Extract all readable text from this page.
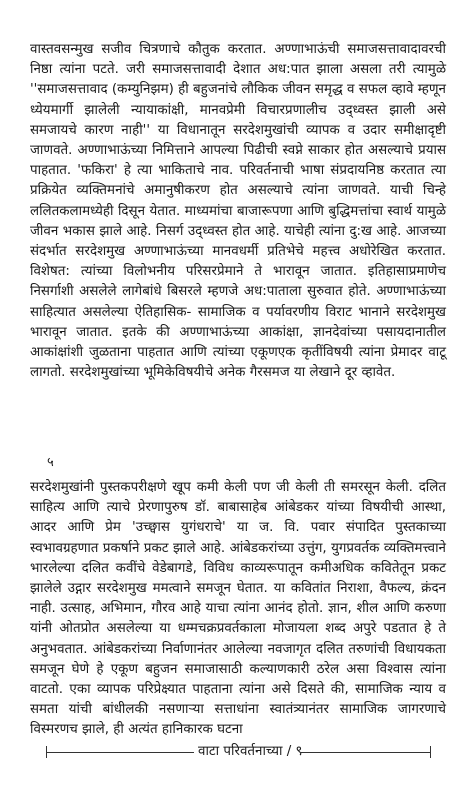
वास्तवसन्मुख सजीव चित्रणाचे कौतुक करतात. अण्णाभाऊंची समाजसत्तावादावरची निष्ठा त्यांना पटते. जरी समाजसत्तावादी देशात अध:पात झाला असला तरी त्यामुळे ''समाजसत्तावाद (कम्युनिझम) ही बहुजनांचे लौकिक जीवन समृद्ध व सफल व्हावे म्हणून ध्येयमार्गी झालेली न्यायाकांक्षी, मानवप्रेमी विचारप्रणालीच उद्ध्वस्त झाली असे समजायचे कारण नाही'' या विधानातून सरदेशमुखांची व्यापक व उदार समीक्षादृष्टी जाणवते. अण्णाभाऊंच्या निमित्ताने आपल्या पिढीची स्वप्ने साकार होत असल्याचे प्रयास पाहतात. 'फकिरा' हे त्या भाकिताचे नाव. परिवर्तनाची भाषा संप्रदायनिष्ठ करतात त्या प्रक्रियेत व्यक्तिमनांचे अमानुषीकरण होत असल्याचे त्यांना जाणवते. याची चिन्हे ललितकलामध्येही दिसून येतात. माध्यमांचा बाजारूपणा आणि बुद्धिमत्तांचा स्वार्थ यामुळे जीवन भकास झाले आहे. निसर्ग उद्ध्वस्त होत आहे. याचेही त्यांना दु:ख आहे. आजच्या संदर्भात सरदेशमुख अण्णाभाऊंच्या मानवधर्मी प्रतिभेचे महत्त्व अधोरेखित करतात. विशेषत: त्यांच्या विलोभनीय परिसरप्रेमाने ते भारावून जातात. इतिहासाप्रमाणेच निसर्गाशी असलेले लागेबांधे बिसरले म्हणजे अध:पाताला सुरुवात होते. अण्णाभाऊंच्या साहित्यात असलेल्या ऐतिहासिक- सामाजिक व पर्यावरणीय विराट भानाने सरदेशमुख भारावून जातात. इतके की अण्णाभाऊंच्या आकांक्षा, ज्ञानदेवांच्या पसायदानातील आकांक्षांशी जुळताना पाहतात आणि त्यांच्या एकूणएक कृतींविषयी त्यांना प्रेमादर वाटू लागतो. सरदेशमुखांच्या भूमिकेविषयीचे अनेक गैरसमज या लेखाने दूर व्हावेत.

५

सरदेशमुखांनी पुस्तकपरीक्षणे खूप कमी केली पण जी केली ती समरसून केली. दलित साहित्य आणि त्याचे प्रेरणापुरुष डॉ. बाबासाहेब आंबेडकर यांच्या विषयीची आस्था, आदर आणि प्रेम 'उच्छ्वास युगंधराचे' या ज. वि. पवार संपादित पुस्तकाच्या स्वभावग्रहणात प्रकर्षाने प्रकट झाले आहे. आंबेडकरांच्या उत्तुंग, युगप्रवर्तक व्यक्तिमत्त्वाने भारलेल्या दलित कवींचे वेडेबागडे, विविध काव्यरूपातून कमीअधिक कवितेतून प्रकट झालेले उद्गार सरदेशमुख ममत्वाने समजून घेतात. या कवितांत निराशा, वैफल्य, क्रंदन नाही. उत्साह, अभिमान, गौरव आहे याचा त्यांना आनंद होतो. ज्ञान, शील आणि करुणा यांनी ओतप्रोत असलेल्या या धम्मचक्रप्रवर्तकाला मोजायला शब्द अपुरे पडतात हे ते अनुभवतात. आंबेडकरांच्या निर्वाणानंतर आलेल्या नवजागृत दलित तरुणांची विधायकता समजून घेणे हे एकूण बहुजन समाजासाठी कल्याणकारी ठरेल असा विश्वास त्यांना वाटतो. एका व्यापक परिप्रेक्ष्यात पाहताना त्यांना असे दिसते की, सामाजिक न्याय व समता यांची बांधीलकी नसणाऱ्या सत्ताधांना स्वातंत्र्यानंतर सामाजिक जागरणाचे विस्मरणच झाले, ही अत्यंत हानिकारक घटना

वाटा परिवर्तनाच्या / ९
